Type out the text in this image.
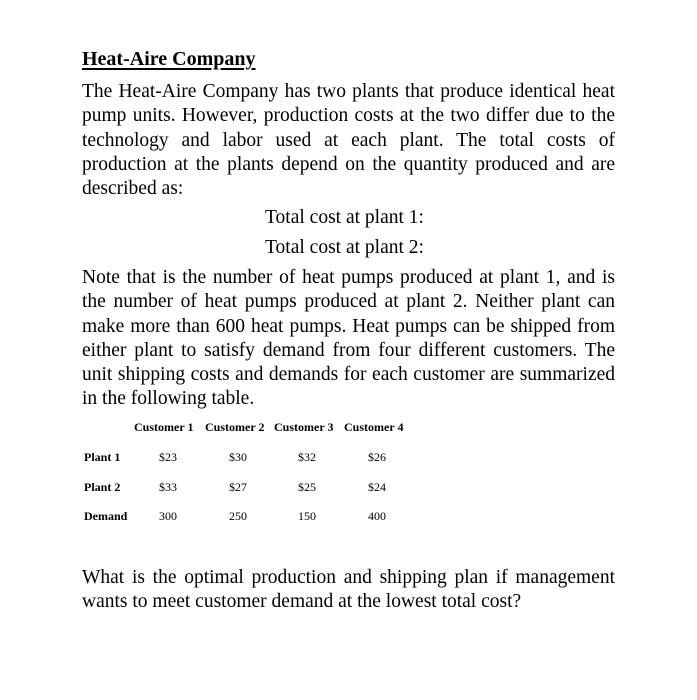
Heat-Aire Company

The Heat-Aire Company has two plants that produce identical heat pump units. However, production costs at the two differ due to the technology and labor used at each plant. The total costs of production at the plants depend on the quantity produced and are described as:

Total cost at plant 1:

Total cost at plant 2:

Note that is the number of heat pumps produced at plant 1, and is the number of heat pumps produced at plant 2. Neither plant can make more than 600 heat pumps. Heat pumps can be shipped from either plant to satisfy demand from four different customers. The unit shipping costs and demands for each customer are summarized in the following table.

Customer 1 Customer 2 Customer 3 Customer 4
Plant 1	$23	$30	$32	$26
Plant 2	$33	$27	$25	$24
Demand	300	250	150	400

What is the optimal production and shipping plan if management wants to meet customer demand at the lowest total cost?
